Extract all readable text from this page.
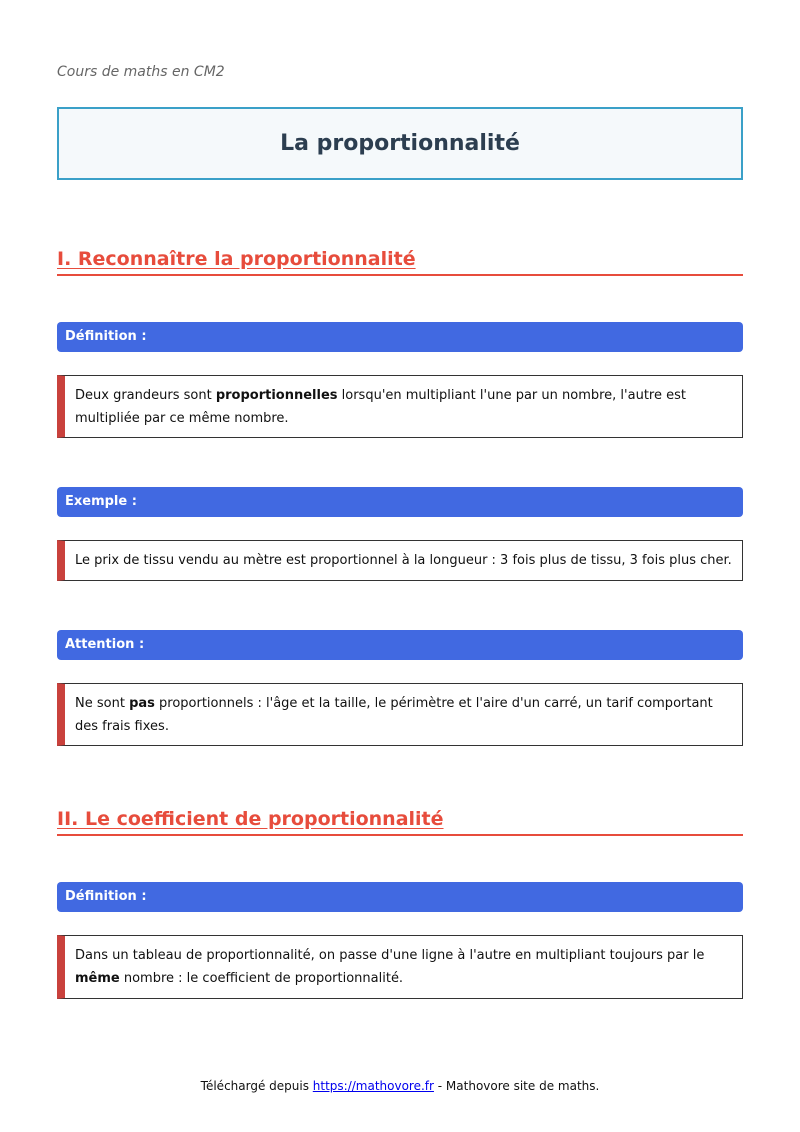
Cours de maths en CM2

La proportionnalité
I. Reconnaître la proportionnalité
Définition :
Deux grandeurs sont proportionnelles lorsqu'en multipliant l'une par un nombre, l'autre est multipliée par ce même nombre.
Exemple :
Le prix de tissu vendu au mètre est proportionnel à la longueur : 3 fois plus de tissu, 3 fois plus cher.
Attention :
Ne sont pas proportionnels : l'âge et la taille, le périmètre et l'aire d'un carré, un tarif comportant des frais fixes.
II. Le coefficient de proportionnalité
Définition :
Dans un tableau de proportionnalité, on passe d'une ligne à l'autre en multipliant toujours par le même nombre : le coefficient de proportionnalité.
Téléchargé depuis https://mathovore.fr - Mathovore site de maths.
